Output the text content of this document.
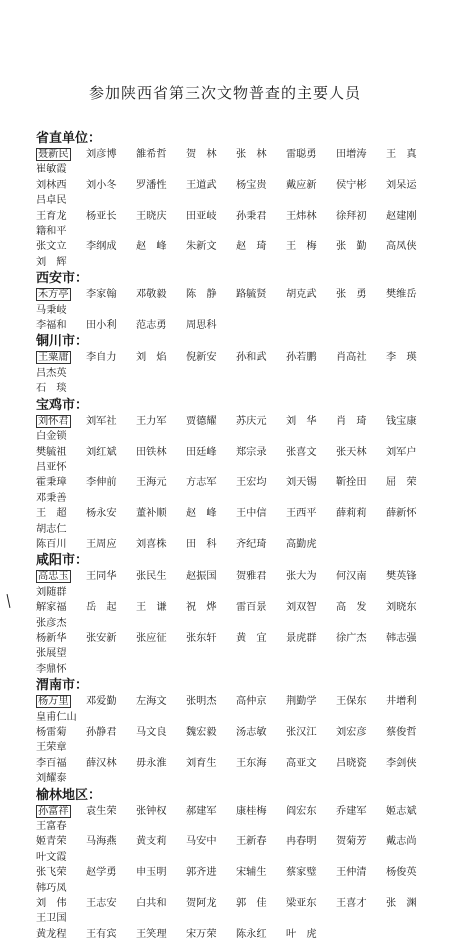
参加陕西省第三次文物普查的主要人员
省直单位：
聂新民	刘彦博	雒希哲	贺　林	张　林	雷聪勇	田增涛	王　真
崔敏霞
刘林西	刘小冬	罗潘性	王道武	杨宝贵	戴应新	侯宁彬	刘呆运
吕卓民
王育龙	杨亚长	王晓庆	田亚岐	孙秉君	王炜林	徐拜初	赵建刚
籍和平
张文立	李纲成	赵　峰	朱新文	赵　琦	王　梅	张　勤	高凤侠
刘　辉
西安市：
禾方亭	李家翰	邓敬毅	陈　静	路毓贤	胡克武	张　勇	樊维岳
马秉岐
李福和	田小利	范志勇	周思科
铜川市：
王粟庸	李自力	刘　焰	倪新安	孙和武	孙若鹏	肖高社	李　瑛
吕杰英
石　琰
宝鸡市：
刘怀君	刘军社	王力军	贾德耀	苏庆元	刘　华	肖　琦	钱宝康
白金锁
樊毓祖	刘红斌	田铁林	田廷峰	郑宗录	张喜文	张天林	刘军户
吕亚怀
霍秉璋	李伸前	王海元	方志军	王宏均	刘天锡	靳拴田	屈　荣
邓秉善
王　超	杨永安	董补顺	赵　峰	王中信	王西平	薛莉莉	薛新怀
胡志仁
陈百川	王周应	刘喜株	田　科	齐纪琦	高勤虎
咸阳市：
高忠玉	王同华	张民生	赵振国	贺雅君	张大为	何汉南	樊英锋
刘随群
解家福	岳　起	王　谦	祝　烨	雷百景	刘双智	高　发	刘晓东
张彦杰
杨新华	张安新	张应征	张东轩	黄　宜	景虎群	徐广杰	韩志强
张展望
李鼎怀
渭南市：
杨万里	邓爱勤	左海文	张明杰	高仲京	荆勤学	王保东	井增利
皇甫仁山
杨雷菊	孙静君	马文良	魏宏毅	汤志敏	张汉江	刘宏彦	蔡俊哲
王荣章
李百福	薛汉林	毋永淮	刘育生	王东海	高亚文	吕晓瓷	李剑侠
刘耀泰
榆林地区：
孙富祥	袁生荣	张钟权	郝建军	康桂梅	阎宏东	乔建军	姬志斌
王富春
姬青荣	马海燕	黄支莉	马安中	王新春	冉春明	贺菊芳	戴志尚
叶文霞
张飞荣	赵学勇	申玉明	郭齐进	宋辅生	蔡家璧	王仲清	杨俊英
韩巧凤
刘　伟	王志安	白共和	贺阿龙	郭　佳	梁亚东	王喜才	张　渊
王卫国
黄龙程	王有宾	王笑理	宋万荣	陈永红	叶　虎
